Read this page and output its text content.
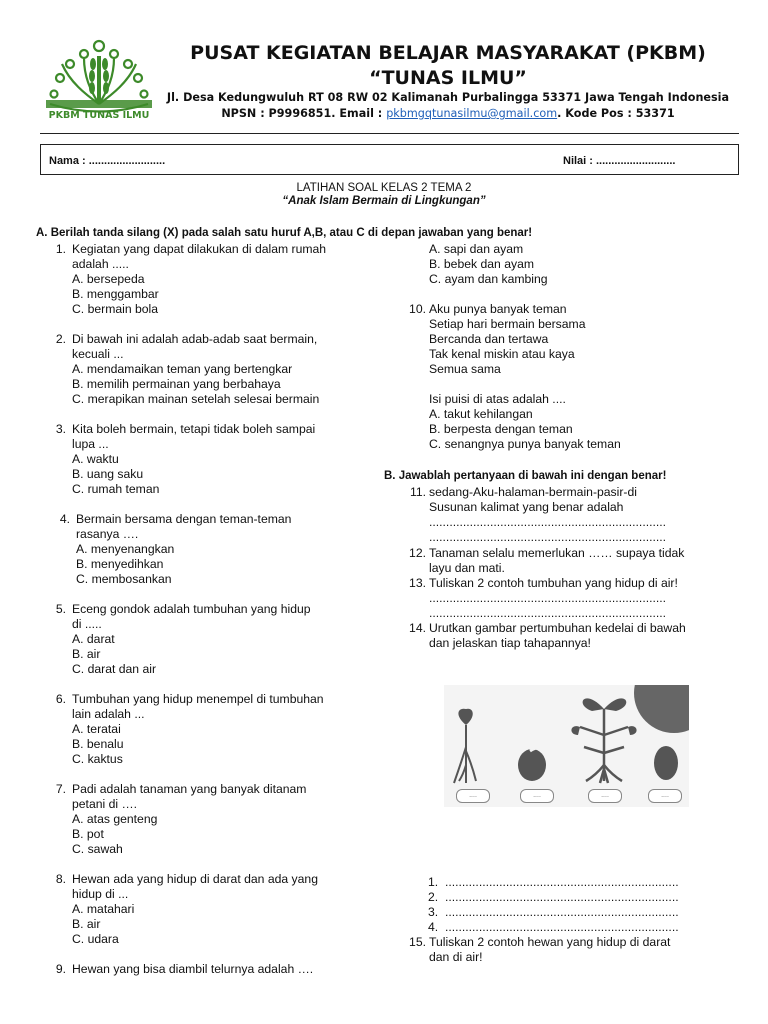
PKBM TUNAS ILMU
PUSAT KEGIATAN BELAJAR MASYARAKAT (PKBM)
“TUNAS ILMU”
Jl. Desa Kedungwuluh RT 08 RW 02 Kalimanah Purbalingga 53371 Jawa Tengah Indonesia
NPSN : P9996851. Email : pkbmgqtunasilmu@gmail.com. Kode Pos : 53371
Nama : .........................	Nilai : ..........................
LATIHAN SOAL KELAS 2 TEMA 2
“Anak Islam Bermain di Lingkungan”
A. Berilah tanda silang (X) pada salah satu huruf A,B, atau C di depan jawaban yang benar!
1. Kegiatan yang dapat dilakukan di dalam rumah
adalah .....
A. bersepeda
B. menggambar
C. bermain bola
2. Di bawah ini adalah adab-adab saat bermain,
kecuali ...
A. mendamaikan teman yang bertengkar
B. memilih permainan yang berbahaya
C. merapikan mainan setelah selesai bermain
3. Kita boleh bermain, tetapi tidak boleh sampai
lupa ...
A. waktu
B. uang saku
C. rumah teman
4. Bermain bersama dengan teman-teman
rasanya ….
A. menyenangkan
B. menyedihkan
C. membosankan
5. Eceng gondok adalah tumbuhan yang hidup
di .....
A. darat
B. air
C. darat dan air
6. Tumbuhan yang hidup menempel di tumbuhan
lain adalah ...
A. teratai
B. benalu
C. kaktus
7. Padi adalah tanaman yang banyak ditanam
petani di ….
A. atas genteng
B. pot
C. sawah
8. Hewan ada yang hidup di darat dan ada yang
hidup di ...
A. matahari
B. air
C. udara
9. Hewan yang bisa diambil telurnya adalah ….
A. sapi dan ayam
B. bebek dan ayam
C. ayam dan kambing
10. Aku punya banyak teman
Setiap hari bermain bersama
Bercanda dan tertawa
Tak kenal miskin atau kaya
Semua sama
Isi puisi di atas adalah ....
A. takut kehilangan
B. berpesta dengan teman
C. senangnya punya banyak teman
B. Jawablah pertanyaan di bawah ini dengan benar!
11. sedang-Aku-halaman-bermain-pasir-di
Susunan kalimat yang benar adalah
......................................................................
......................................................................
12. Tanaman selalu memerlukan …… supaya tidak
layu dan mati.
13. Tuliskan 2 contoh tumbuhan yang hidup di air!
......................................................................
......................................................................
14. Urutkan gambar pertumbuhan kedelai di bawah
dan jelaskan tiap tahapannya!
....	....	....	....
1. .....................................................................
2. .....................................................................
3. .....................................................................
4. .....................................................................
15. Tuliskan 2 contoh hewan yang hidup di darat
dan di air!
